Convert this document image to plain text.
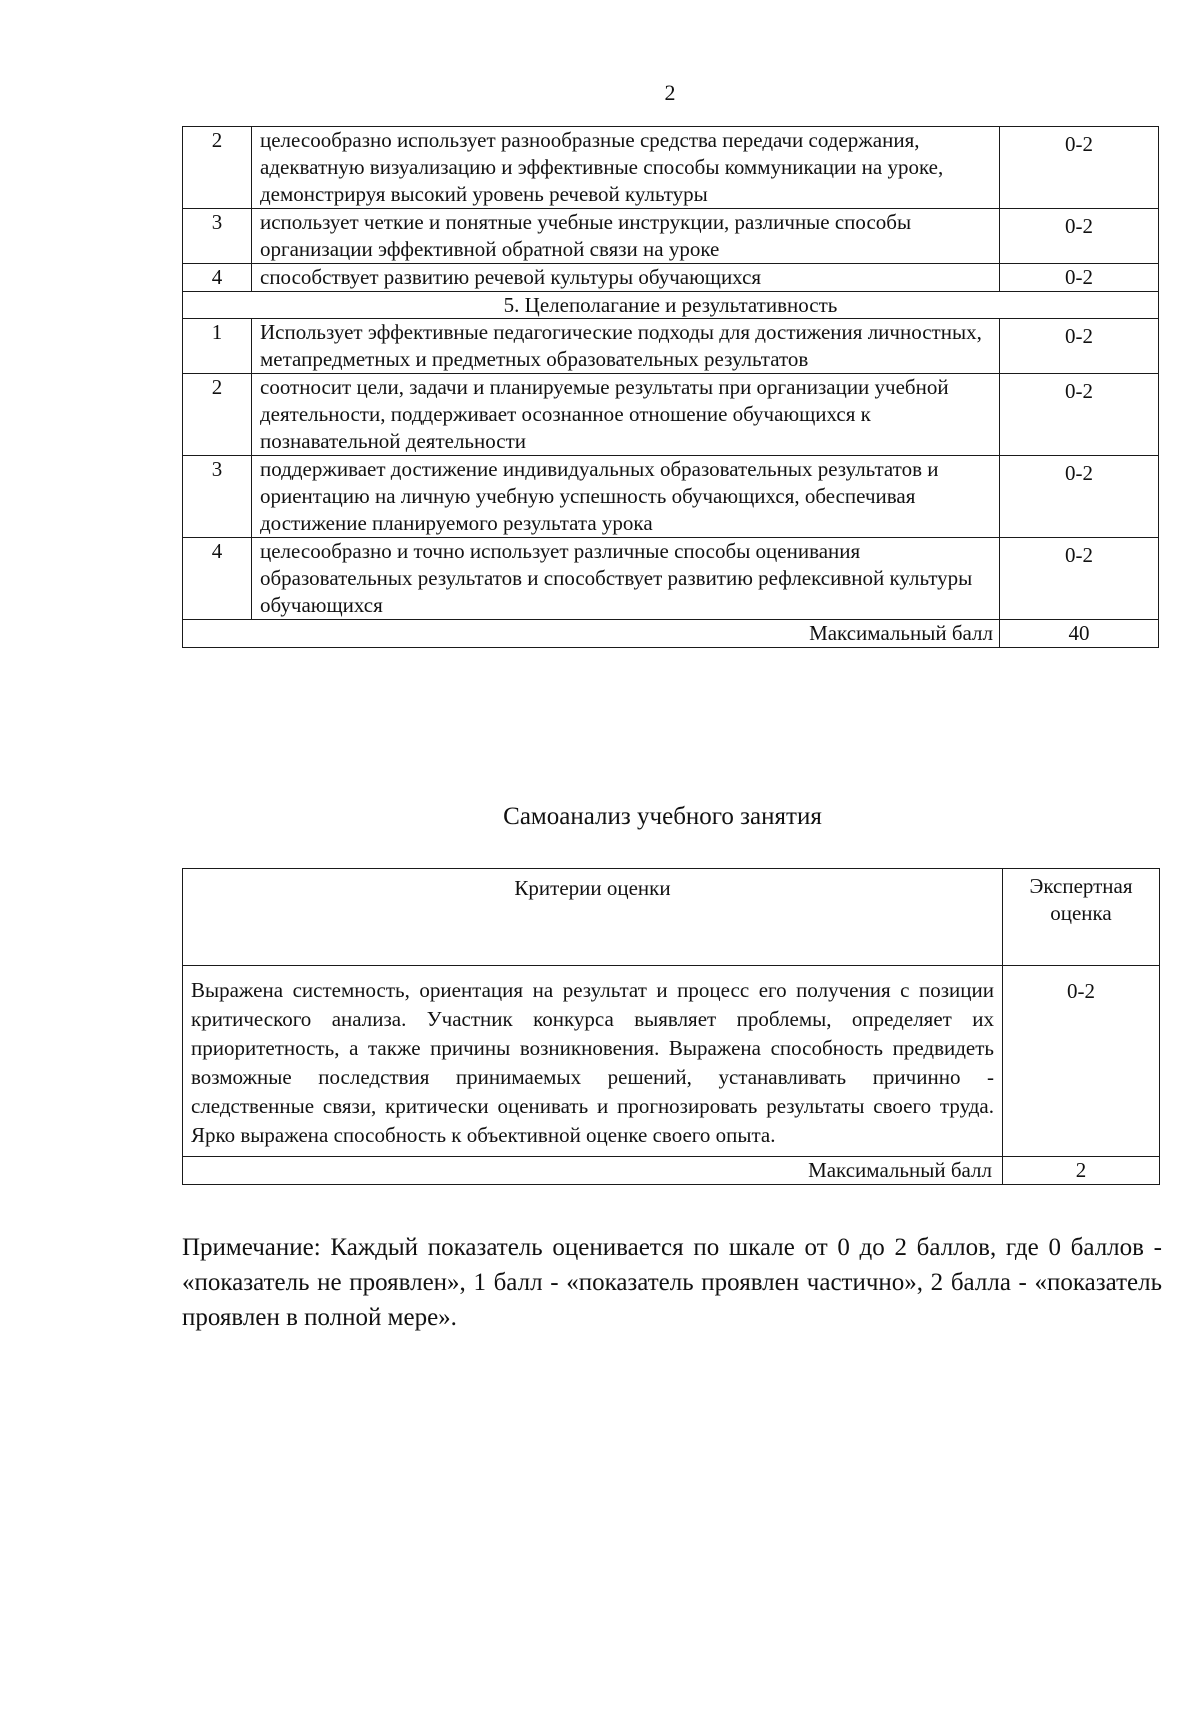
2
2	целесообразно использует разнообразные средства передачи содержания, адекватную визуализацию и эффективные способы коммуникации на уроке, демонстрируя высокий уровень речевой культуры	0-2
3	использует четкие и понятные учебные инструкции, различные способы организации эффективной обратной связи на уроке	0-2
4	способствует развитию речевой культуры обучающихся	0-2
5. Целеполагание и результативность		
1	Использует эффективные педагогические подходы для достижения личностных, метапредметных и предметных образовательных результатов	0-2
2	соотносит цели, задачи и планируемые результаты при организации учебной деятельности, поддерживает осознанное отношение обучающихся к познавательной деятельности	0-2
3	поддерживает достижение индивидуальных образовательных результатов и ориентацию на личную учебную успешность обучающихся, обеспечивая достижение планируемого результата урока	0-2
4	целесообразно и точно использует различные способы оценивания образовательных результатов и способствует развитию рефлексивной культуры обучающихся	0-2
Максимальный балл		40
Самоанализ учебного занятия
Критерии оценки	Экспертная оценка
Выражена системность, ориентация на результат и процесс его получения с позиции критического анализа. Участник конкурса выявляет проблемы, определяет их приоритетность, а также причины возникновения. Выражена способность предвидеть возможные последствия принимаемых решений, устанавливать причинно - следственные связи, критически оценивать и прогнозировать результаты своего труда. Ярко выражена способность к объективной оценке своего опыта.	0-2
Максимальный балл	2
Примечание: Каждый показатель оценивается по шкале от 0 до 2 баллов, где 0 баллов - «показатель не проявлен», 1 балл - «показатель проявлен частично», 2 балла - «показатель проявлен в полной мере».
